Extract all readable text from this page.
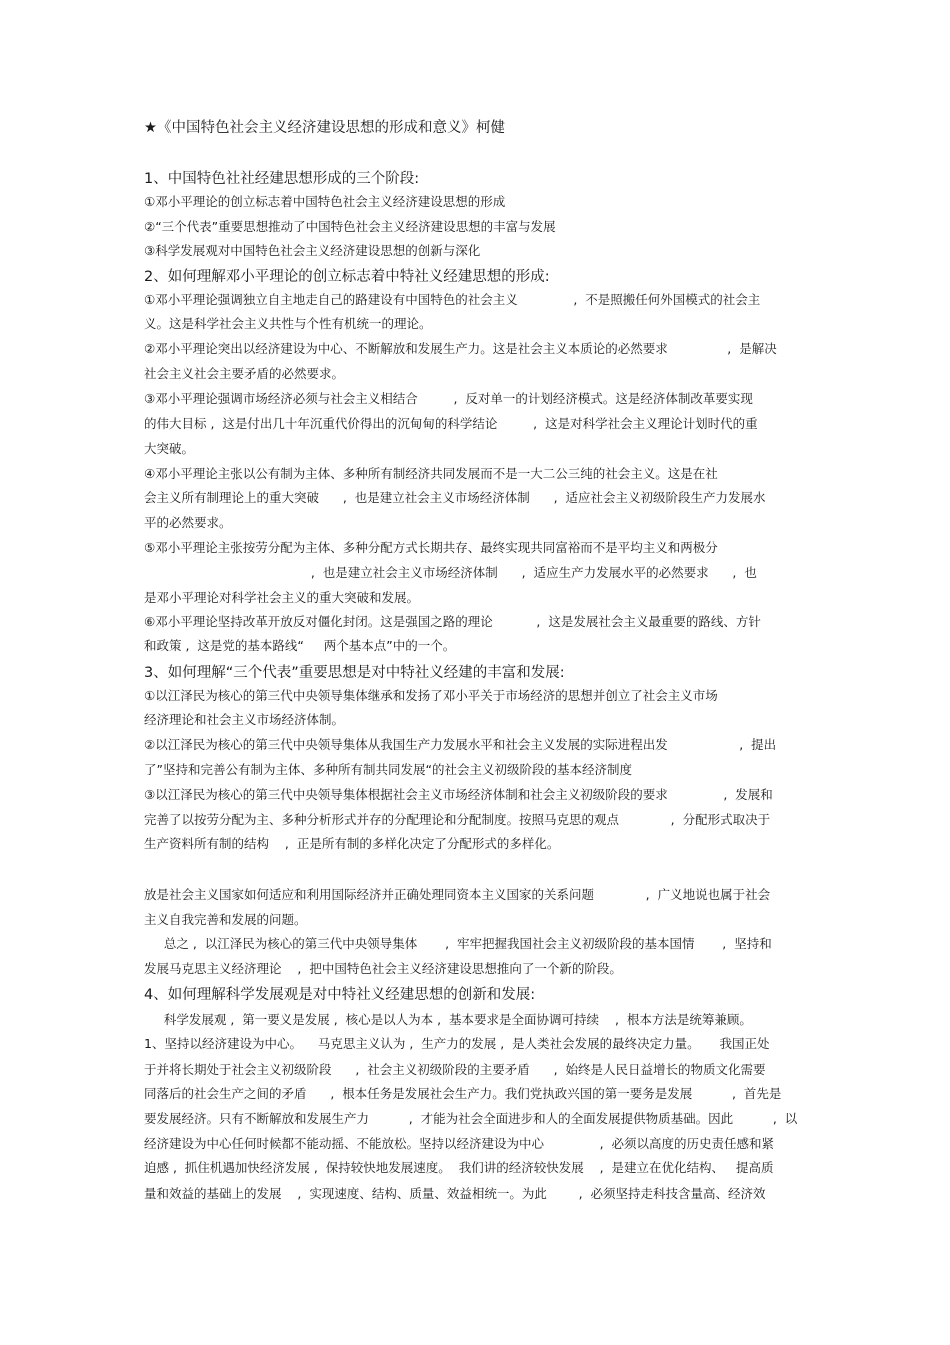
★《中国特色社会主义经济建设思想的形成和意义》柯健
1、中国特色社社经建思想形成的三个阶段:
①邓小平理论的创立标志着中国特色社会主义经济建设思想的形成
②“三个代表”重要思想推动了中国特色社会主义经济建设思想的丰富与发展
③科学发展观对中国特色社会主义经济建设思想的创新与深化
2、如何理解邓小平理论的创立标志着中特社义经建思想的形成:
①邓小平理论强调独立自主地走自己的路建设有中国特色的社会主义              ,  不是照搬任何外国模式的社会主
义。这是科学社会主义共性与个性有机统一的理论。
②邓小平理论突出以经济建设为中心、不断解放和发展生产力。这是社会主义本质论的必然要求               ,  是解决
社会主义社会主要矛盾的必然要求。
③邓小平理论强调市场经济必须与社会主义相结合         ,  反对单一的计划经济模式。这是经济体制改革要实现
的伟大目标 ,  这是付出几十年沉重代价得出的沉甸甸的科学结论         ,  这是对科学社会主义理论计划时代的重
大突破。
④邓小平理论主张以公有制为主体、多种所有制经济共同发展而不是一大二公三纯的社会主义。这是在社
会主义所有制理论上的重大突破      ,  也是建立社会主义市场经济体制      ,  适应社会主义初级阶段生产力发展水
平的必然要求。
⑤邓小平理论主张按劳分配为主体、多种分配方式长期共存、最终实现共同富裕而不是平均主义和两极分
,  也是建立社会主义市场经济体制      ,  适应生产力发展水平的必然要求      ,  也
是邓小平理论对科学社会主义的重大突破和发展。
⑥邓小平理论坚持改革开放反对僵化封闭。这是强国之路的理论           ,  这是发展社会主义最重要的路线、方针
和政策 ,  这是党的基本路线“     两个基本点”中的一个。
3、如何理解“三个代表”重要思想是对中特社义经建的丰富和发展:
①以江泽民为核心的第三代中央领导集体继承和发扬了邓小平关于市场经济的思想并创立了社会主义市场
经济理论和社会主义市场经济体制。
②以江泽民为核心的第三代中央领导集体从我国生产力发展水平和社会主义发展的实际进程出发                  ,  提出
了”坚持和完善公有制为主体、多种所有制共同发展“的社会主义初级阶段的基本经济制度
③以江泽民为核心的第三代中央领导集体根据社会主义市场经济体制和社会主义初级阶段的要求              ,  发展和
完善了以按劳分配为主、多种分析形式并存的分配理论和分配制度。按照马克思的观点             ,  分配形式取决于
生产资料所有制的结构    ,  正是所有制的多样化决定了分配形式的多样化。
放是社会主义国家如何适应和利用国际经济并正确处理同资本主义国家的关系问题             ,  广义地说也属于社会
主义自我完善和发展的问题。
总之 ,  以江泽民为核心的第三代中央领导集体       ,  牢牢把握我国社会主义初级阶段的基本国情       ,  坚持和
发展马克思主义经济理论    ,  把中国特色社会主义经济建设思想推向了一个新的阶段。
4、如何理解科学发展观是对中特社义经建思想的创新和发展:
科学发展观 ,  第一要义是发展 ,  核心是以人为本 ,  基本要求是全面协调可持续    ,  根本方法是统筹兼顾。
1、坚持以经济建设为中心。    马克思主义认为 ,  生产力的发展 ,  是人类社会发展的最终决定力量。     我国正处
于并将长期处于社会主义初级阶段      ,  社会主义初级阶段的主要矛盾      ,  始终是人民日益增长的物质文化需要
同落后的社会生产之间的矛盾      ,  根本任务是发展社会生产力。我们党执政兴国的第一要务是发展          ,  首先是
要发展经济。只有不断解放和发展生产力          ,  才能为社会全面进步和人的全面发展提供物质基础。因此          ,  以
经济建设为中心任何时候都不能动摇、不能放松。坚持以经济建设为中心              ,  必须以高度的历史责任感和紧
迫感 ,  抓住机遇加快经济发展 ,  保持较快地发展速度。  我们讲的经济较快发展    ,  是建立在优化结构、   提高质
量和效益的基础上的发展    ,  实现速度、结构、质量、效益相统一。为此        ,  必须坚持走科技含量高、经济效
